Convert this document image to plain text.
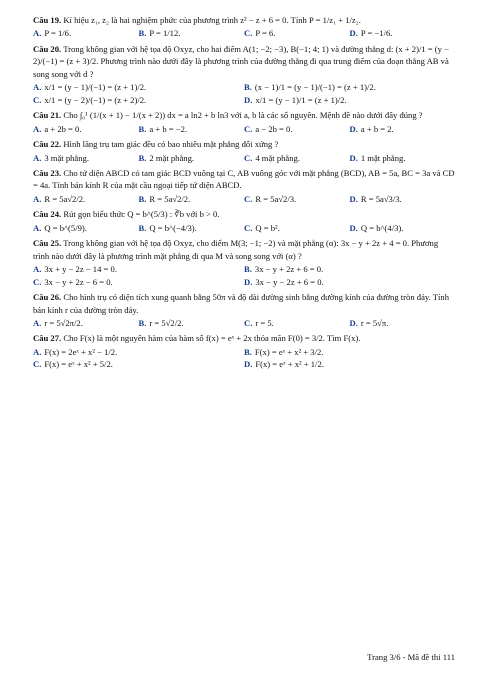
Câu 19. Kí hiệu z₁, z₂ là hai nghiệm phức của phương trình z² − z + 6 = 0. Tính P = 1/z₁ + 1/z₂.

A. P = 1/6.	B. P = 1/12.	C. P = 6.	D. P = −1/6.

Câu 20. Trong không gian với hệ tọa độ Oxyz, cho hai điểm A(1; −2; −3), B(−1; 4; 1) và đường thẳng d: (x + 2)/1 = (y − 2)/(−1) = (z + 3)/2. Phương trình nào dưới đây là phương trình của đường thẳng đi qua trung điểm của đoạn thẳng AB và song song với d ?

A. x/1 = (y − 1)/(−1) = (z + 1)/2.	B. (x − 1)/1 = (y − 1)/(−1) = (z + 1)/2.
C. x/1 = (y − 2)/(−1) = (z + 2)/2.	D. x/1 = (y − 1)/1 = (z + 1)/2.

Câu 21. Cho ∫₀¹ (1/(x + 1) − 1/(x + 2)) dx = a ln2 + b ln3 với a, b là các số nguyên. Mệnh đề nào dưới đây đúng ?

A. a + 2b = 0.	B. a + b = −2.	C. a − 2b = 0.	D. a + b = 2.

Câu 22. Hình lăng trụ tam giác đều có bao nhiêu mặt phẳng đối xứng ?

A. 3 mặt phẳng.	B. 2 mặt phẳng.	C. 4 mặt phẳng.	D. 1 mặt phẳng.

Câu 23. Cho tứ diện ABCD có tam giác BCD vuông tại C, AB vuông góc với mặt phẳng (BCD), AB = 5a, BC = 3a và CD = 4a. Tính bán kính R của mặt cầu ngoại tiếp tứ diện ABCD.

A. R = 5a√2/2.	B. R = 5a√2/2.	C. R = 5a√2/3.	D. R = 5a√3/3.

Câu 24. Rút gọn biểu thức Q = b^(5/3) : ∛b với b > 0.

A. Q = b^(5/9).	B. Q = b^(−4/3).	C. Q = b².	D. Q = b^(4/3).

Câu 25. Trong không gian với hệ tọa độ Oxyz, cho điểm M(3; −1; −2) và mặt phẳng (α): 3x − y + 2z + 4 = 0. Phương trình nào dưới đây là phương trình mặt phẳng đi qua M và song song với (α) ?

A. 3x + y − 2z − 14 = 0.	B. 3x − y + 2z + 6 = 0.
C. 3x − y + 2z − 6 = 0.	D. 3x − y − 2z + 6 = 0.

Câu 26. Cho hình trụ có diện tích xung quanh bằng 50π và độ dài đường sinh bằng đường kính của đường tròn đáy. Tính bán kính r của đường tròn đáy.

A. r = 5√2π/2.	B. r = 5√2/2.	C. r = 5.	D. r = 5√π.

Câu 27. Cho F(x) là một nguyên hàm của hàm số f(x) = eˣ + 2x thỏa mãn F(0) = 3/2. Tìm F(x).

A. F(x) = 2eˣ + x² − 1/2.	B. F(x) = eˣ + x² + 3/2.
C. F(x) = eˣ + x² + 5/2.	D. F(x) = eˣ + x² + 1/2.
Trang 3/6 - Mã đề thi 111
